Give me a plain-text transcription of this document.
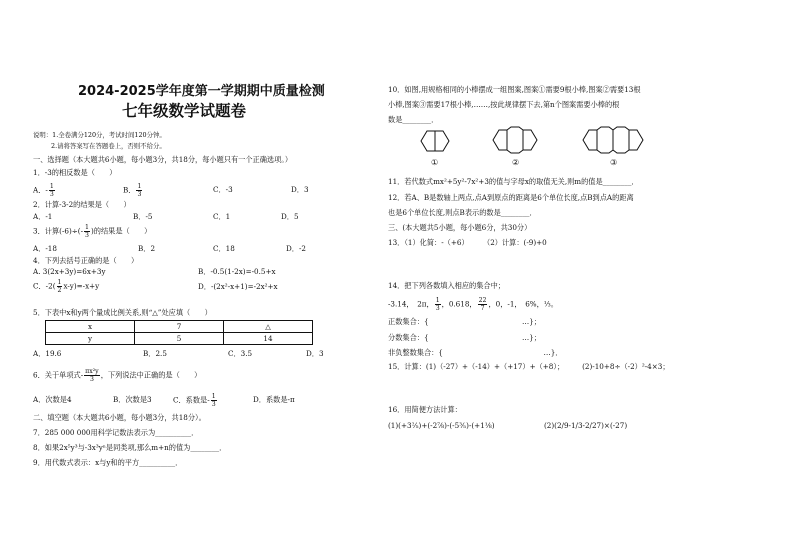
2024-2025学年度第一学期期中质量检测
七年级数学试题卷
说明：1.全卷满分120分，考试时间120分钟。
2.请将答案写在答题卷上，否则不给分。
一、选择题（本大题共6小题，每小题3分，共18分，每小题只有一个正确选项。）
1．-3的相反数是（　　）
A．- $\frac{1}{3}$	B． $\frac{1}{3}$	C．-3	D．3
2．计算-3-2的结果是（　　）
A．-1	B．-5	C．1	D．5
3．计算$(-6)\div(- \frac{1}{3}$ )的结果是（　　）
A．-18	B．2	C．18	D．-2
4．下列去括号正确的是（　　）
A. 3(2x+3y)=6x+3y	B．-0.5(1-2x)=-0.5+x
C．$-2( \frac{1}{2} x-y)=-x+y$	D．-(2x²-x+1)=-2x²+x
5．下表中x和y两个量成比例关系,则“△”处应填（　　）
x	7	△
y	5	14
A．19.6	B．2.5	C．3.5	D．3
6．关于单项式- $\frac{\text{πx²y}}{3}$ ，下列说法中正确的是（　　）
A．次数是4	B．次数是3	C．系数是- $\frac{1}{3}$	D．系数是-π
二、填空题（本大题共6小题，每小题3分，共18分）。
7．285 000 000用科学记数法表示为__________．
8．如果2x⁵y³与-3x³yⁿ是同类项,那么m+n的值为________．
9．用代数式表示：x与y和的平方__________．
10．如图,用规格相同的小棒摆成一组图案,图案①需要9根小棒,图案②需要13根
小棒,图案③需要17根小棒,……,按此规律摆下去,第n个图案需要小棒的根
数是________．
①	②	③
11．若代数式mx²+5y²-7x²+3的值与字母x的取值无关,则m的值是________．
12．若A、B是数轴上两点,点A到原点的距离是6个单位长度,点B到点A的距离
也是6个单位长度,则点B表示的数是________．
三、(本大题共5小题，每小题6分，共30分）
13．（1）化简：-（+6）　　　（2）计算：(-9)+0
14．把下列各数填入相应的集合中；
-3.14，　2π， $\frac{1}{3}$ ，0.618， $\frac{22}{7}$ ，0，-1，　6%，⅓。
正数集合：{　　　　　　　　　　　　　…}；
分数集合：{　　　　　　　　　　　　　…}；
非负整数集合：{　　　　　　　　　　　　　　…}．
15．计算：(1)（-27）+（-14）+（+17）+（+8）；　　　(2)-10+8÷（-2）²-4×3；
16．用简便方法计算：
(1)(+3⅖)+(-2⅞)-(-5⅗)-(+1⅛)	(2)(2/9-1/3-2/27)×(-27)
